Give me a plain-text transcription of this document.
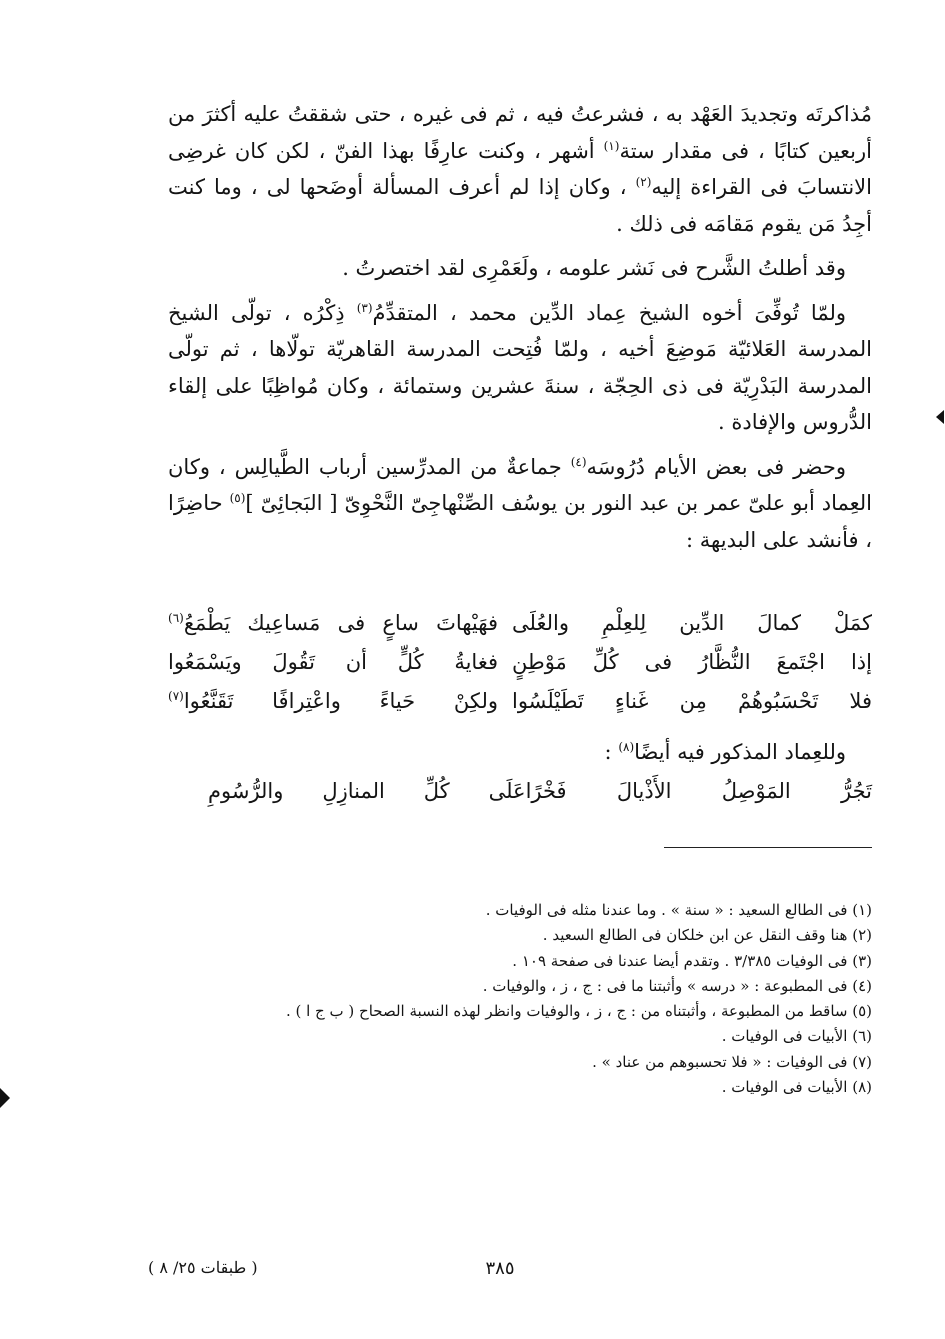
مُذاكرتَه وتجديدَ العَهْد به ، فشرعتُ فيه ، ثم فى غيره ، حتى شققتُ عليه أكثرَ من أربعين كتابًا ، فى مقدار ستة$^{(١)}$ أشهر ، وكنت عارِفًا بهذا الفنّ ، لكن كان غرضِى الانتسابَ فى القراءة إليه$^{(٢)}$ ، وكان إذا لم أعرف المسألة أوضَحها لى ، وما كنت أجِدُ مَن يقوم مَقامَه فى ذلك .

وقد أطلتُ الشَّرح فى نَشر علومه ، ولَعَمْرِى لقد اختصرتُ .

ولمّا تُوفِّىَ أخوه الشيخ عِماد الدِّين محمد ، المتقدِّمُ$^{(٣)}$ ذِكْرُه ، تولّى الشيخ المدرسة العَلائيّة مَوضِعَ أخيه ، ولمّا فُتِحت المدرسة القاهريّة تولّاها ، ثم تولّى المدرسة البَدْرِيّة فى ذى الحِجّة ، سنةَ عشرين وستمائة ، وكان مُواظِبًا على إلقاء الدُّروس والإفادة .

وحضر فى بعض الأيام دُرُوسَه$^{(٤)}$ جماعةٌ من المدرِّسين أرباب الطَّيالِس ، وكان العِماد أبو علىّ عمر بن عبد النور بن يوسُف الصِّنْهاجِىّ النَّحْوِىّ [ البَجائِىّ ]$^{(٥)}$ حاضِرًا ، فأنشد على البديهة :

كمَلْ كمالَ الدِّين لِلعِلْمِ والعُلَى
فهَيْهاتَ ساعٍ فى مَساعِيك يَطْمَعُ$^{(٦)}$
إذا اجْتَمعَ النُّظَّارُ فى كُلِّ مَوْطِنٍ
فغايةُ كُلٍّ أن تَقُولَ ويَسْمَعُوا
فلا تَحْسَبُوهُمْ مِن غَناءٍ تَطَيْلَسُوا
ولكِنْ حَياءً واعْتِرافًا تَقَنَّعُوا$^{(٧)}$
وللعِماد المذكور فيه أيضًا$^{(٨)}$ :
تَجُرُّ المَوْصِلُ الأَذْيالَ فَخْرًا
عَلَى كُلِّ المنازِلِ والرُّسُومِ
(١) فى الطالع السعيد : « سنة » . وما عندنا مثله فى الوفيات .
(٢) هنا وقف النقل عن ابن خلكان فى الطالع السعيد .
(٣) فى الوفيات ٣/٣٨٥ . وتقدم أيضا عندنا فى صفحة ١٠٩ .
(٤) فى المطبوعة : « درسه » وأثبتنا ما فى : ج ، ز ، والوفيات .
(٥) ساقط من المطبوعة ، وأثبتناه من : ج ، ز ، والوفيات وانظر لهذه النسبة الصحاح ( ب ج ا ) .
(٦) الأبيات فى الوفيات .
(٧) فى الوفيات : « فلا تحسبوهم من عناد » .
(٨) الأبيات فى الوفيات .
٣٨٥
( طبقات ٢٥/ ٨ )
